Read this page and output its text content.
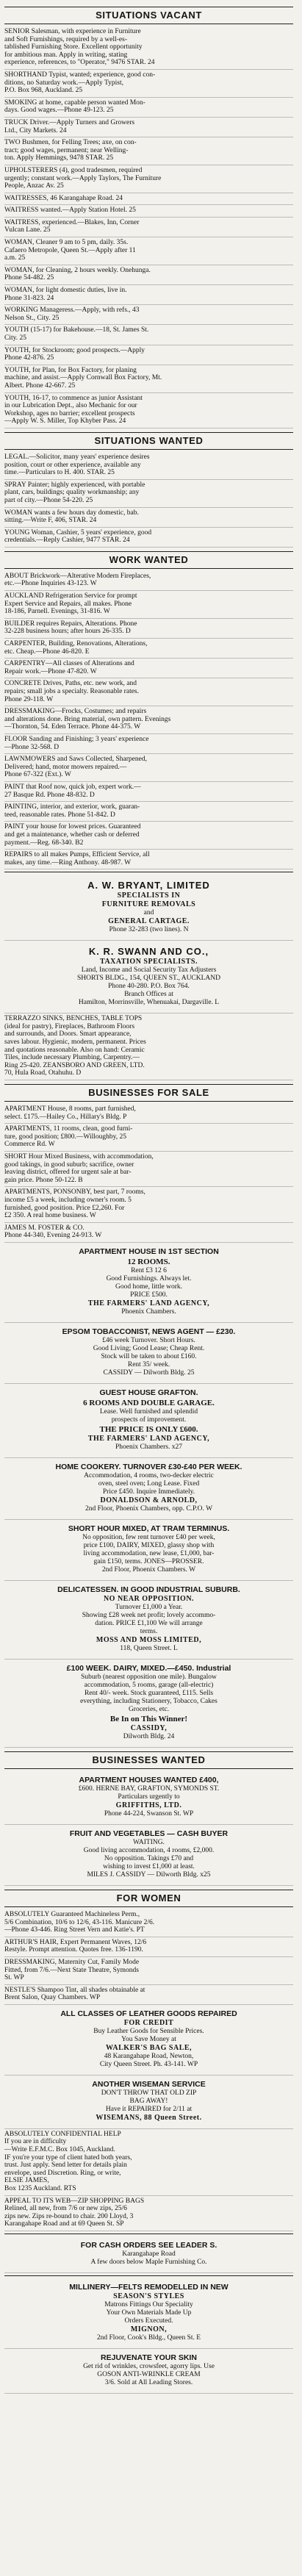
SITUATIONS VACANT
SENIOR Salesman, with experience in Furniture
and Soft Furnishings, required by a well-es-
tablished Furnishing Store. Excellent opportunity
for ambitious man. Apply in writing, stating
experience, references, to "Operator," 9476 STAR. 24
SHORTHAND Typist, wanted; experience, good con-
ditions, no Saturday work.—Apply Typist,
P.O. Box 968, Auckland. 25
SMOKING at home, capable person wanted Mon-
days. Good wages.—Phone 49-123. 25
TRUCK Driver.—Apply Turners and Growers
Ltd., City Markets. 24
TWO Bushmen, for Felling Trees; axe, on con-
tract; good wages, permanent; near Welling-
ton. Apply Hemmings, 9478 STAR. 25
UPHOLSTERERS (4), good tradesmen, required
urgently; constant work.—Apply Taylors, The Furniture
People, Anzac Av. 25
WAITRESSES, 46 Karangahape Road. 24
WAITRESS wanted.—Apply Station Hotel. 25
WAITRESS, experienced.—Blakes, Inn, Corner
Vulcan Lane. 25
WOMAN, Cleaner 9 am to 5 pm, daily. 35s.
Cafaero Metropole, Queen St.—Apply after 11
a.m. 25
WOMAN, for Cleaning, 2 hours weekly. Onehunga.
Phone 54-482. 25
WOMAN, for light domestic duties, live in.
Phone 31-823. 24
WORKING Manageress.—Apply, with refs., 43
Nelson St., City. 25
YOUTH (15-17) for Bakehouse.—18, St. James St.
City. 25
YOUTH, for Stockroom; good prospects.—Apply
Phone 42-876. 25
YOUTH, for Plan, for Box Factory, for planing
machine, and assist.—Apply Cornwall Box Factory, Mt.
Albert. Phone 42-667. 25
YOUTH, 16-17, to commence as junior Assistant
in our Lubrication Dept., also Mechanic for our
Workshop, ages no barrier; excellent prospects
—Apply W. S. Miller, Top Khyber Pass. 24
SITUATIONS WANTED
LEGAL.—Solicitor, many years' experience desires
position, court or other experience, available any
time.—Particulars to H. 400. STAR. 25
SPRAY Painter; highly experienced, with portable
plant, cars, buildings; quality workmanship; any
part of city.—Phone 54-220. 25
WOMAN wants a few hours day domestic, bab.
sitting.—Write F, 406, STAR. 24
YOUNG Woman, Cashier, 5 years' experience, good
credentials.—Reply Cashier, 9477 STAR. 24
WORK WANTED
ABOUT Brickwork—Alterative Modern Fireplaces,
etc.—Phone Inquiries 43-123. W
AUCKLAND Refrigeration Service for prompt
Expert Service and Repairs, all makes. Phone
18-186, Parnell. Evenings, 31-816. W
BUILDER requires Repairs, Alterations. Phone
32-228 business hours; after hours 26-335. D
CARPENTER, Building, Renovations, Alterations,
etc. Cheap.—Phone 46-820. E
CARPENTRY—All classes of Alterations and
Repair work.—Phone 47-820. W
CONCRETE Drives, Paths, etc. new work, and
repairs; small jobs a specialty. Reasonable rates.
Phone 29-118. W
DRESSMAKING—Frocks, Costumes; and repairs
and alterations done. Bring material, own pattern. Evenings
—Thornton, 54. Eden Terrace. Phone 44-375. W
FLOOR Sanding and Finishing; 3 years' experience
—Phone 32-568. D
LAWNMOWERS and Saws Collected, Sharpened,
Delivered; hand, motor mowers repaired.—
Phone 67-322 (Ext.). W
PAINT that Roof now, quick job, expert work.—
27 Basque Rd. Phone 48-832. D
PAINTING, interior, and exterior, work, guaran-
teed, reasonable rates. Phone 51-842. D
PAINT your house for lowest prices. Guaranteed
and get a maintenance, whether cash or deferred
payment.—Reg. 68-340. B2
REPAIRS to all makes Pumps, Efficient Service, all
makes, any time.—Ring Anthony. 48-987. W
A. W. BRYANT, LIMITED
SPECIALISTS IN
FURNITURE REMOVALS
and
GENERAL CARTAGE.
Phone 32-283 (two lines). N
K. R. SWANN AND CO.,
TAXATION SPECIALISTS.
Land, Income and Social Security Tax Adjusters
SHORTS BLDG., 154, QUEEN ST., AUCKLAND
Phone 40-280. P.O. Box 764.
Branch Offices at
Hamilton, Morrinsville, Whenuakai, Dargaville. L
TERRAZZO SINKS, BENCHES, TABLE TOPS
(ideal for pastry), Fireplaces, Bathroom Floors
and surrounds, and Doors. Smart appearance,
saves labour. Hygienic, modern, permanent. Prices
and quotations reasonable. Also on hand: Ceramic
Tiles, include necessary Plumbing, Carpentry.—
Ring 25-420. ZEANSBORO AND GREEN, LTD.
70, Hula Road, Otahuhu. D
BUSINESSES FOR SALE
APARTMENT House, 8 rooms, part furnished,
select. £175.—Hailey Co., Hillary's Bldg. P
APARTMENTS, 11 rooms, clean, good furni-
ture, good position; £800.—Willoughby, 25
Commerce Rd. W
SHORT Hour Mixed Business, with accommodation,
good takings, in good suburb; sacrifice, owner
leaving district, offered for urgent sale at bar-
gain price. Phone 50-122. B
APARTMENTS, PONSONBY, best part, 7 rooms,
income £5 a week, including owner's room. 5
furnished, good position. Price £2,260. For
£2 350. A real home business. W
JAMES M. FOSTER & CO.
Phone 44-340, Evening 24-913. W
APARTMENT HOUSE IN 1ST SECTION
12 ROOMS.
Rent £3 12 6
Good Furnishings. Always let.
Good home, little work.
PRICE £500.
THE FARMERS' LAND AGENCY,
Phoenix Chambers.
EPSOM TOBACCONIST, NEWS AGENT — £230.
£46 week Turnover. Short Hours.
Good Living; Good Lease; Cheap Rent.
Stock will be taken to about £160.
Rent 35/ week.
CASSIDY — Dilworth Bldg. 25
GUEST HOUSE GRAFTON.
6 ROOMS AND DOUBLE GARAGE.
Lease. Well furnished and splendid
prospects of improvement.
THE PRICE IS ONLY £600.
THE FARMERS' LAND AGENCY,
Phoenix Chambers. x27
HOME COOKERY. TURNOVER £30-£40 PER WEEK.
Accommodation, 4 rooms, two-decker electric
oven, steel oven; Long Lease. Fixed
Price £450. Inquire Immediately.
DONALDSON & ARNOLD,
2nd Floor, Phoenix Chambers, opp. C.P.O. W
SHORT HOUR MIXED, AT TRAM TERMINUS.
No opposition, few rent turnover £40 per week,
price £100, DAIRY, MIXED, glassy shop with
living accommodation, new lease, £1,000, bar-
gain £150, terms. JONES—PROSSER.
2nd Floor, Phoenix Chambers. W
DELICATESSEN. IN GOOD INDUSTRIAL SUBURB.
NO NEAR OPPOSITION.
Turnover £1,000 a Year.
Showing £28 week net profit; lovely accommo-
dation. PRICE £1,100 We will arrange
terms.
MOSS AND MOSS LIMITED,
118, Queen Street. L
£100 WEEK. DAIRY, MIXED.—£450. Industrial
Suburb (nearest opposition one mile). Bungalow
accommodation, 5 rooms, garage (all-electric)
Rent 40/- week. Stock guaranteed, £115. Sells
everything, including Stationery, Tobacco, Cakes
Groceries, etc.
Be In on This Winner!
CASSIDY,
Dilworth Bldg. 24
BUSINESSES WANTED
APARTMENT HOUSES WANTED £400,
£600. HERNE BAY, GRAFTON, SYMONDS ST.
Particulars urgently to
GRIFFITHS, LTD.
Phone 44-224, Swanson St. WP
FRUIT AND VEGETABLES — CASH BUYER
WAITING.
Good living accommodation, 4 rooms, £2,000.
No opposition. Takings £70 and
wishing to invest £1,000 at least.
MILES J. CASSIDY — Dilworth Bldg. x25
FOR WOMEN
ABSOLUTELY Guaranteed Machineless Perm.,
5/6 Combination, 10/6 to 12/6, 43-116. Manicure 2/6.
—Phone 43-446. Ring Street Vern and Katie's. PT
ARTHUR'S HAIR, Expert Permanent Waves, 12/6
Restyle. Prompt attention. Quotes free. 136-1190.
DRESSMAKING, Maternity Cut, Family Mode
Fitted, from 7/6.—Next State Theatre, Symonds
St. WP
NESTLE'S Shampoo Tint, all shades obtainable at
Brent Salon, Quay Chambers. WP
ALL CLASSES OF LEATHER GOODS REPAIRED
FOR CREDIT
Buy Leather Goods for Sensible Prices.
You Save Money at
WALKER'S BAG SALE,
48 Karangahape Road, Newton,
City Queen Street. Ph. 43-141. WP
ANOTHER WISEMAN SERVICE
DON'T THROW THAT OLD ZIP
BAG AWAY!
Have it REPAIRED for 2/11 at
WISEMANS, 88 Queen Street.
ABSOLUTELY CONFIDENTIAL HELP
If you are in difficulty
—Write E.F.M.C. Box 1045, Auckland.
IF you're your type of client hated both years,
trust. Just apply. Send letter for details plain
envelope, used Discretion. Ring, or write,
ELSIE JAMES,
Box 1235 Auckland. RTS
APPEAL TO ITS WEB—ZIP SHOPPING BAGS
Relined, all new, from 7/6 or new zips, 25/6
zips new. Zips re-bound to chair. 200 Lloyd, 3
Karangahape Road and at 69 Queen St. SP
FOR CASH ORDERS SEE LEADER S.
Karangahape Road
A few doors below Maple Furnishing Co.
MILLINERY—FELTS REMODELLED IN NEW
SEASON'S STYLES
Matrons Fittings Our Speciality
Your Own Materials Made Up
Orders Executed.
MIGNON,
2nd Floor, Cook's Bldg., Queen St. E
REJUVENATE YOUR SKIN
Get rid of wrinkles, crowsfeet, agorry lips. Use
GOSON ANTI-WRINKLE CREAM
3/6. Sold at All Leading Stores.
